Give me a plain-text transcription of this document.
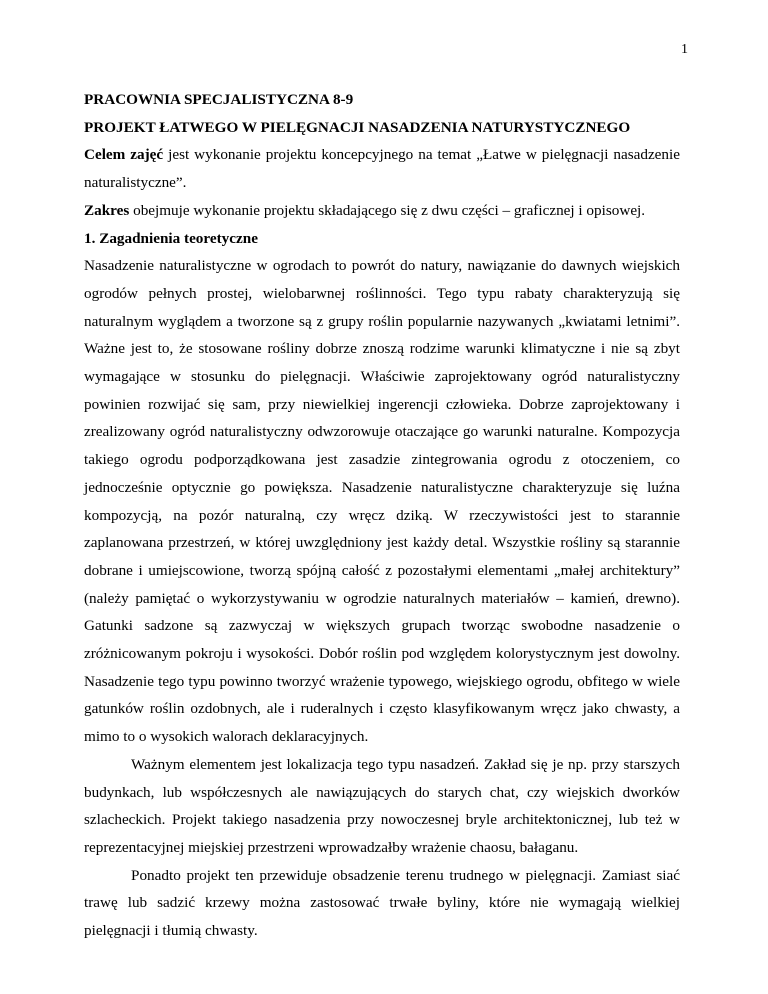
1

PRACOWNIA SPECJALISTYCZNA 8-9

PROJEKT ŁATWEGO W PIELĘGNACJI NASADZENIA NATURYSTYCZNEGO

Celem zajęć jest wykonanie projektu koncepcyjnego na temat „Łatwe w pielęgnacji nasadzenie naturalistyczne”.

Zakres obejmuje wykonanie projektu składającego się z dwu części – graficznej i opisowej.

1. Zagadnienia teoretyczne

Nasadzenie naturalistyczne w ogrodach to powrót do natury, nawiązanie do dawnych wiejskich ogrodów pełnych prostej, wielobarwnej roślinności. Tego typu rabaty charakteryzują się naturalnym wyglądem a tworzone są z grupy roślin popularnie nazywanych „kwiatami letnimi”. Ważne jest to, że stosowane rośliny dobrze znoszą rodzime warunki klimatyczne i nie są zbyt wymagające w stosunku do pielęgnacji. Właściwie zaprojektowany ogród naturalistyczny powinien rozwijać się sam, przy niewielkiej ingerencji człowieka. Dobrze zaprojektowany i zrealizowany ogród naturalistyczny odwzorowuje otaczające go warunki naturalne. Kompozycja takiego ogrodu podporządkowana jest zasadzie zintegrowania ogrodu z otoczeniem, co jednocześnie optycznie go powiększa. Nasadzenie naturalistyczne charakteryzuje się luźna kompozycją, na pozór naturalną, czy wręcz dziką. W rzeczywistości jest to starannie zaplanowana przestrzeń, w której uwzględniony jest każdy detal. Wszystkie rośliny są starannie dobrane i umiejscowione, tworzą spójną całość z pozostałymi elementami „małej architektury” (należy pamiętać o wykorzystywaniu w ogrodzie naturalnych materiałów – kamień, drewno). Gatunki sadzone są zazwyczaj w większych grupach tworząc swobodne nasadzenie o zróżnicowanym pokroju i wysokości. Dobór roślin pod względem kolorystycznym jest dowolny. Nasadzenie tego typu powinno tworzyć wrażenie typowego, wiejskiego ogrodu, obfitego w wiele gatunków roślin ozdobnych, ale i ruderalnych i często klasyfikowanym wręcz jako chwasty, a mimo to o wysokich walorach deklaracyjnych.

Ważnym elementem jest lokalizacja tego typu nasadzeń. Zakład się je np. przy starszych budynkach, lub współczesnych ale nawiązujących do starych chat, czy wiejskich dworków szlacheckich. Projekt takiego nasadzenia przy nowoczesnej bryle architektonicznej, lub też w reprezentacyjnej miejskiej przestrzeni wprowadzałby wrażenie chaosu, bałaganu.

Ponadto projekt ten przewiduje obsadzenie terenu trudnego w pielęgnacji. Zamiast siać trawę lub sadzić krzewy można zastosować trwałe byliny, które nie wymagają wielkiej pielęgnacji i tłumią chwasty.
